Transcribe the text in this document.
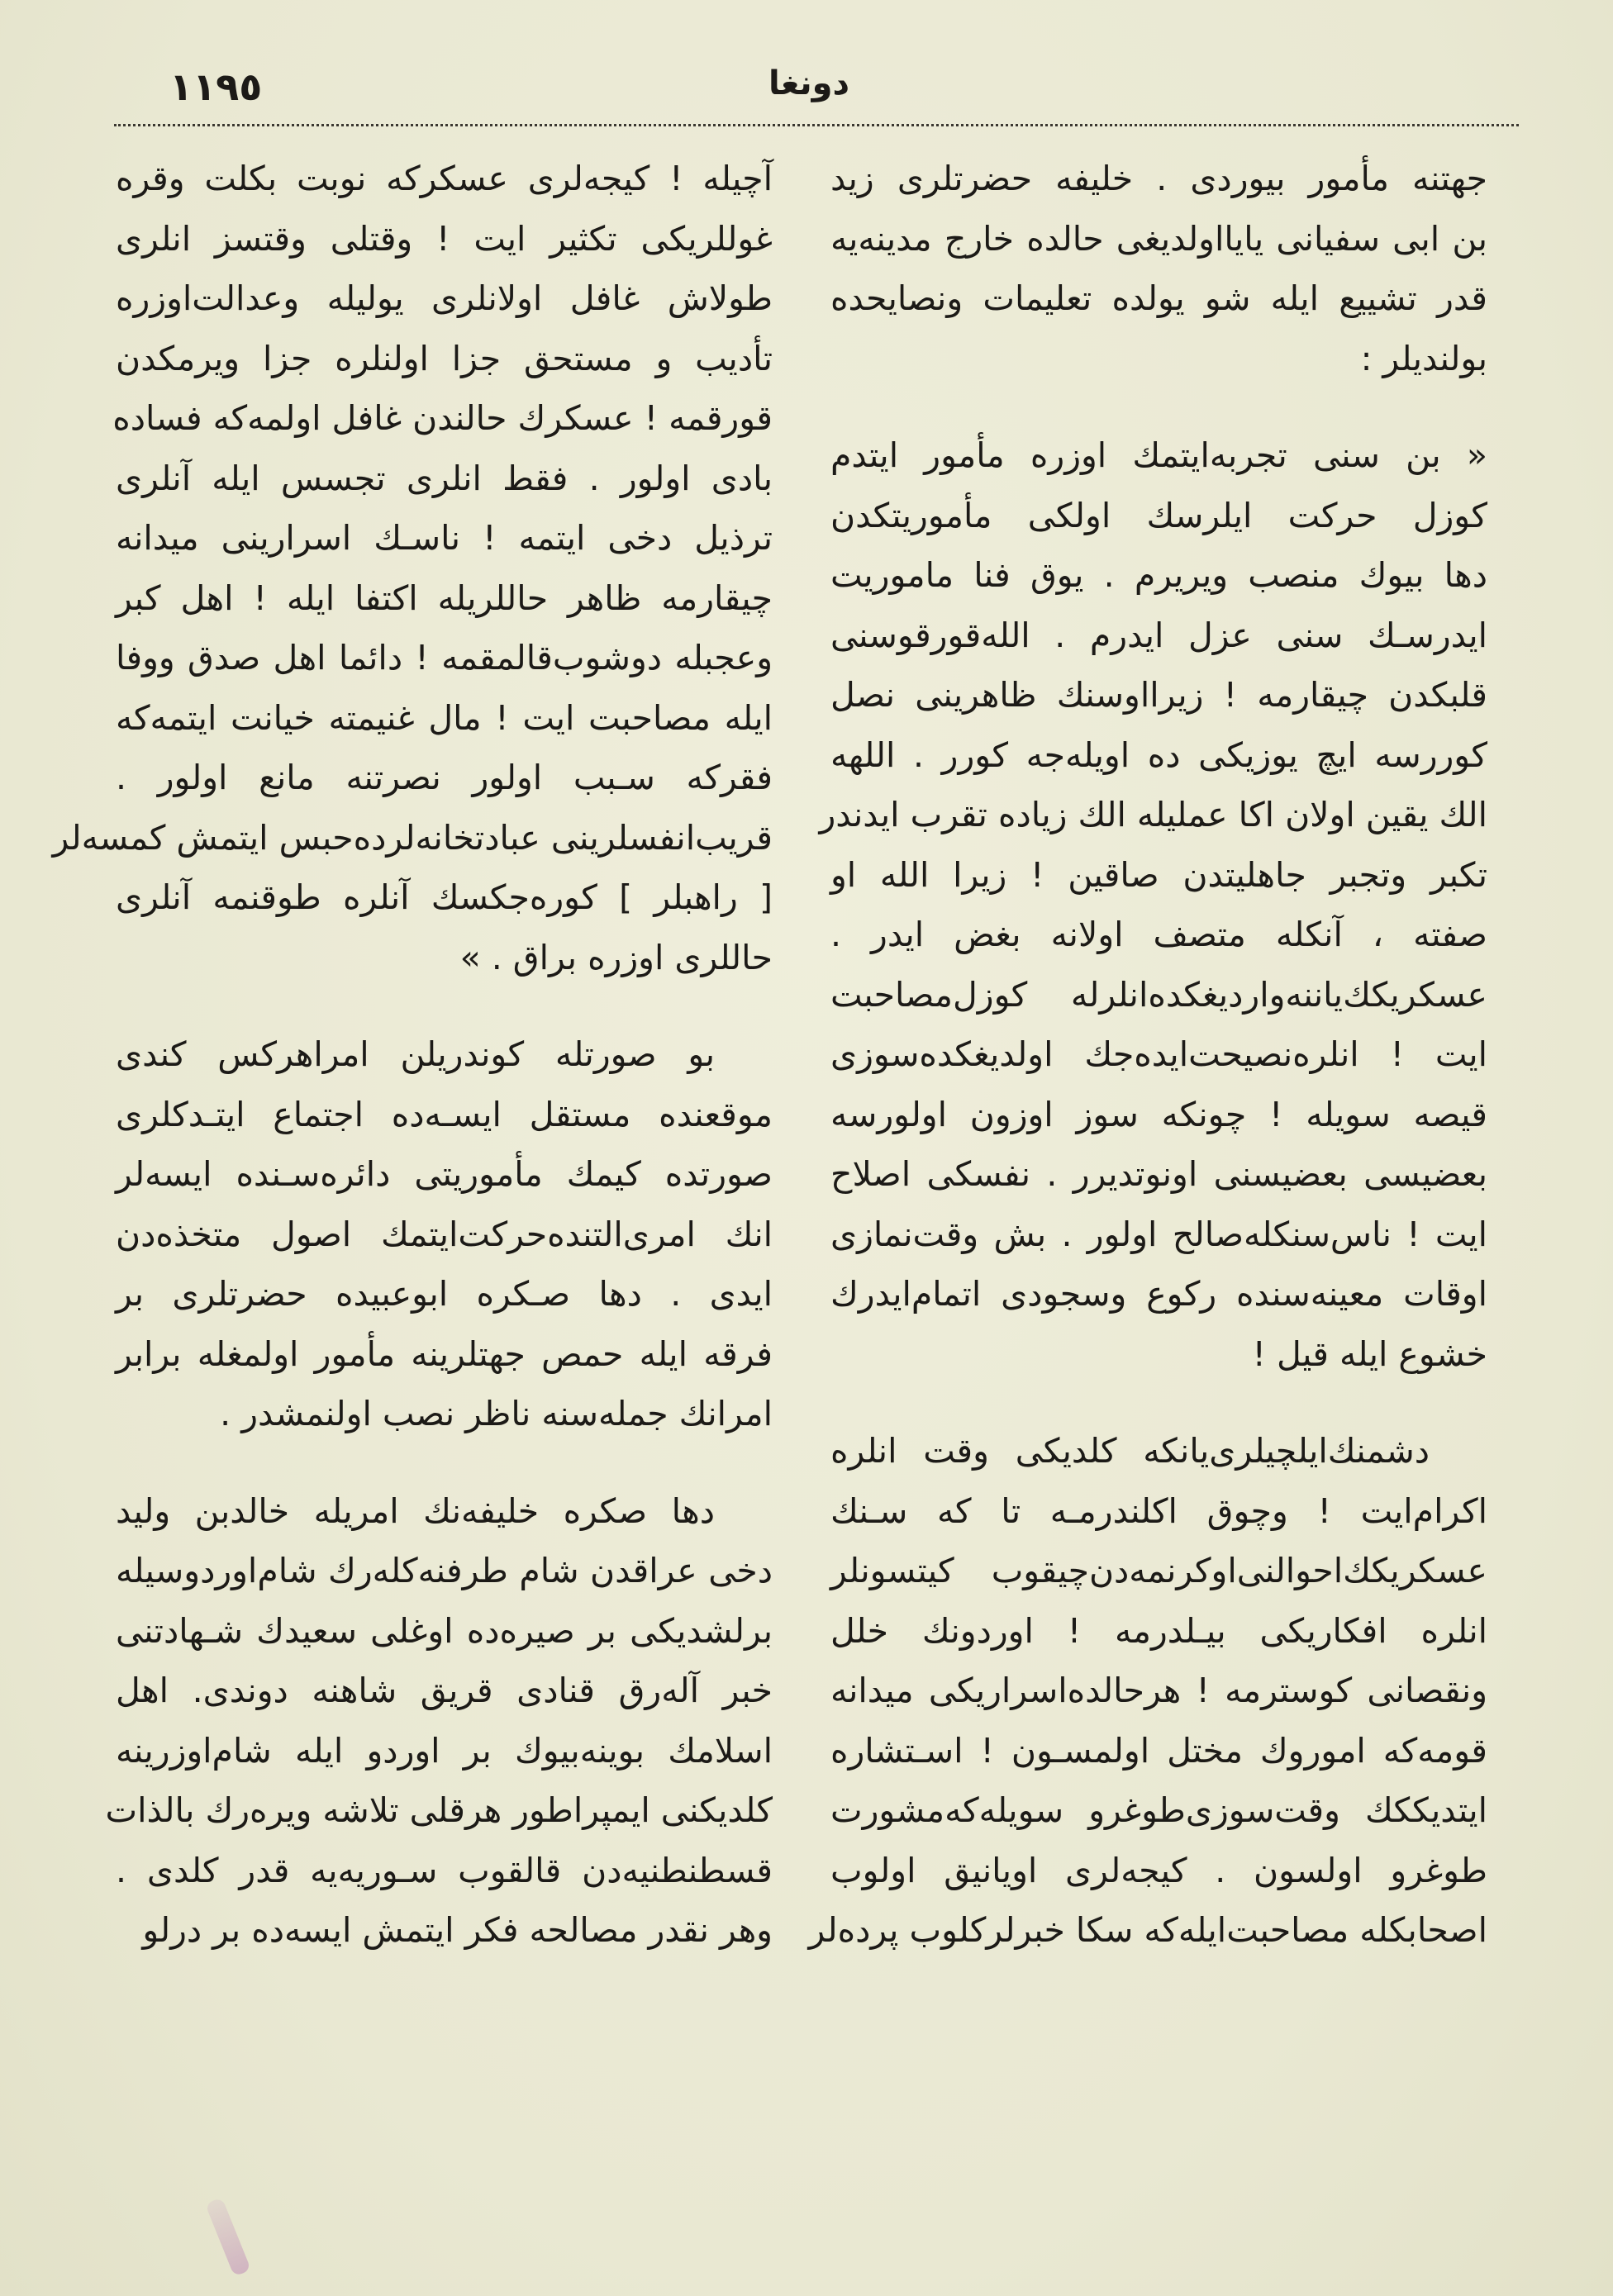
١١٩٥	دونغا
جهتنه مأمور بیوردی . خلیفه حضرتلری زید
بن ابی سفیانی یایااولدیغی حالده خارج مدینه‌یه
قدر تشییع ایله شو یولده تعلیمات ونصایحده
بولندیلر :
« بن سنی تجربه‌ایتمك اوزره مأمور ایتدم
کوزل حرکت ایلرسك اولکی مأموریتکدن
دها بیوك منصب ویریرم . یوق فنا ماموریت
ایدرسـك سنی عزل ایدرم . الله‌قورقوسنی
قلبکدن چیقارمه ! زیرااوسنك ظاهرینی نصل
کوررسه ایچ یوزیکی ده اویله‌جه کورر . اللهه
الك یقین اولان اکا عملیله الك زیاده تقرب ایدندر
تکبر وتجبر جاهلیتدن صاقین ! زیرا الله او
صفته ، آنکله متصف اولانه بغض ایدر .
عسکریکك‌یاننه‌واردیغکده‌انلرله کوزل‌مصاحبت
ایت ! انلره‌نصیحت‌ایده‌جك اولدیغکده‌سوزی
قیصه سویله ! چونکه سوز اوزون اولورسه
بعضیسی بعضیسنی اونوتدیرر . نفسکی اصلاح
ایت ! ناس‌سنکله‌صالح اولور . بش وقت‌نمازی
اوقات معینه‌سنده رکوع وسجودی اتمام‌ایدرك
خشوع ایله قیل !
دشمنك‌ایلچیلری‌یانکه کلدیکی وقت انلره
اکرام‌ایت ! وچوق اکلندرمـه تا که سـنك
عسکریکك‌احوالنی‌اوکرنمه‌دن‌چیقوب کیتسونلر
انلره افکاریکی بیـلدرمه ! اوردونك خلل
ونقصانی کوسترمه ! هرحالده‌اسراریکی میدانه
قومه‌که اموروك مختل اولمسـون ! اسـتشاره
ایتدیککك وقت‌سوزی‌طوغرو سویله‌که‌مشورت
طوغرو اولسون . کیجه‌لری اویانیق اولوب
اصحابکله مصاحبت‌ایله‌که سکا خبرلرکلوب پرده‌لر
آچیله ! کیجه‌لری عسکرکه نوبت بکلت وقره
غوللریکی تکثیر ایت ! وقتلی وقتسز انلری
طولاش غافل اولانلری یولیله وعدالت‌اوزره
تأدیب و مستحق جزا اولنلره جزا ویرمکدن
قورقمه ! عسکرك حالندن غافل اولمه‌که فساده
بادی اولور . فقط انلری تجسس ایله آنلری
ترذیل دخی ایتمه ! ناسـك اسرارینی میدانه
چیقارمه ظاهر حاللریله اکتفا ایله ! اهل کبر
وعجبله دوشوب‌قالمقمه ! دائما اهل صدق ووفا
ایله مصاحبت ایت ! مال غنیمته خیانت ایتمه‌که
فقرکه سـبب اولور نصرتنه مانع اولور .
قریب‌انفسلرینی عبادتخانه‌لرده‌حبس ایتمش کمسه‌لر
[ راهبلر ] کوره‌جکسك آنلره طوقنمه آنلری
حاللری اوزره براق . »
بو صورتله کوندریلن امراهرکس کندی
موقعنده مستقل ایسـه‌ده اجتماع ایتـدکلری
صورتده کیمك مأموریتی دائره‌سـنده ایسه‌لر
انك امری‌التنده‌حرکت‌ایتمك اصول متخذه‌دن
ایدی . دها صـکره ابوعبیده حضرتلری بر
فرقه ایله حمص جهتلرینه مأمور اولمغله برابر
امرانك جمله‌سنه ناظر نصب اولنمشدر .
دها صکره خلیفه‌نك امریله خالدبن ولید
دخی عراقدن شام طرفنه‌کله‌رك شام‌اوردوسیله
برلشدیکی بر صیره‌ده اوغلی سعیدك شـهادتنی
خبر آله‌رق قنادی قریق شاهنه دوندی. اهل
اسلامك بوینه‌بیوك بر اوردو ایله شام‌اوزرینه
کلدیکنی ایمپراطور هرقلی تلاشه ویره‌رك بالذات
قسطنطنیه‌دن قالقوب سـوریه‌یه قدر کلدی .
وهر نقدر مصالحه فکر ایتمش ایسه‌ده بر درلو
